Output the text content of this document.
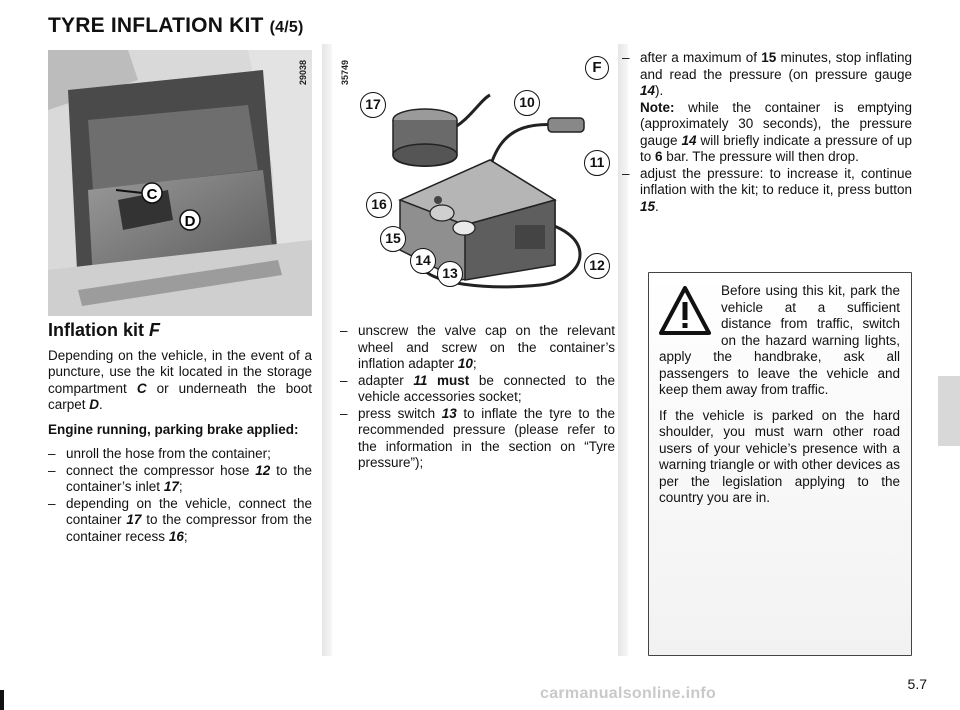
TYRE INFLATION KIT (4/5)
C
D
29038	F
17	10
11
16
15
14
13	12
35749
Inflation kit F
Depending on the vehicle, in the event of a puncture, use the kit located in the storage compartment C or underneath the boot carpet D.
Engine running, parking brake applied:
– unroll the hose from the container;
– connect the compressor hose 12 to the container’s inlet 17;
– depending on the vehicle, connect the container 17 to the compressor from the container recess 16;
– unscrew the valve cap on the relevant wheel and screw on the container’s inflation adapter 10;
– adapter 11 must be connected to the vehicle accessories socket;
– press switch 13 to inflate the tyre to the recommended pressure (please refer to the information in the section on “Tyre pressure”);
– after a maximum of 15 minutes, stop inflating and read the pressure (on pressure gauge 14).
Note: while the container is emptying (approximately 30 seconds), the pressure gauge 14 will briefly indicate a pressure of up to 6 bar. The pressure will then drop.
– adjust the pressure: to increase it, continue inflation with the kit; to reduce it, press button 15.
Before using this kit, park the vehicle at a sufficient distance from traffic, switch on the hazard warning lights, apply the handbrake, ask all passengers to leave the vehicle and keep them away from traffic.
If the vehicle is parked on the hard shoulder, you must warn other road users of your vehicle’s presence with a warning triangle or with other devices as per the legislation applying to the country you are in.
5.7
carmanualsonline.info
